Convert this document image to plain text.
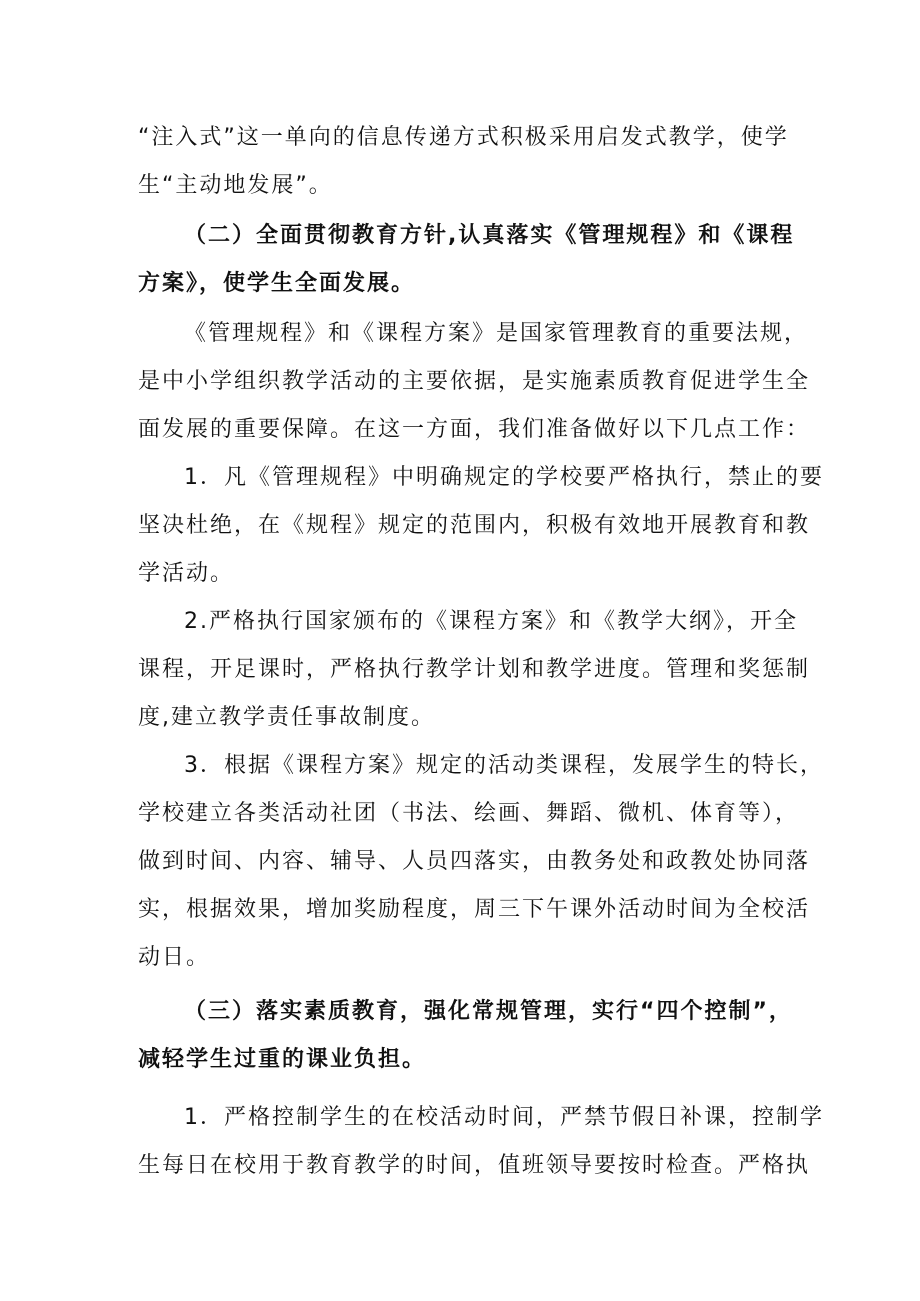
“注入式”这一单向的信息传递方式积极采用启发式教学，使学
生“主动地发展”。

（二）全面贯彻教育方针,认真落实《管理规程》和《课程
方案》，使学生全面发展。

《管理规程》和《课程方案》是国家管理教育的重要法规，
是中小学组织教学活动的主要依据，是实施素质教育促进学生全
面发展的重要保障。在这一方面，我们准备做好以下几点工作：

1．凡《管理规程》中明确规定的学校要严格执行，禁止的要
坚决杜绝，在《规程》规定的范围内，积极有效地开展教育和教
学活动。

2.严格执行国家颁布的《课程方案》和《教学大纲》，开全
课程，开足课时，严格执行教学计划和教学进度。管理和奖惩制
度,建立教学责任事故制度。

3．根据《课程方案》规定的活动类课程，发展学生的特长，
学校建立各类活动社团（书法、绘画、舞蹈、微机、体育等），
做到时间、内容、辅导、人员四落实，由教务处和政教处协同落
实，根据效果，增加奖励程度，周三下午课外活动时间为全校活
动日。

（三）落实素质教育，强化常规管理，实行“四个控制”，
减轻学生过重的课业负担。

1．严格控制学生的在校活动时间，严禁节假日补课，控制学
生每日在校用于教育教学的时间，值班领导要按时检查。严格执
